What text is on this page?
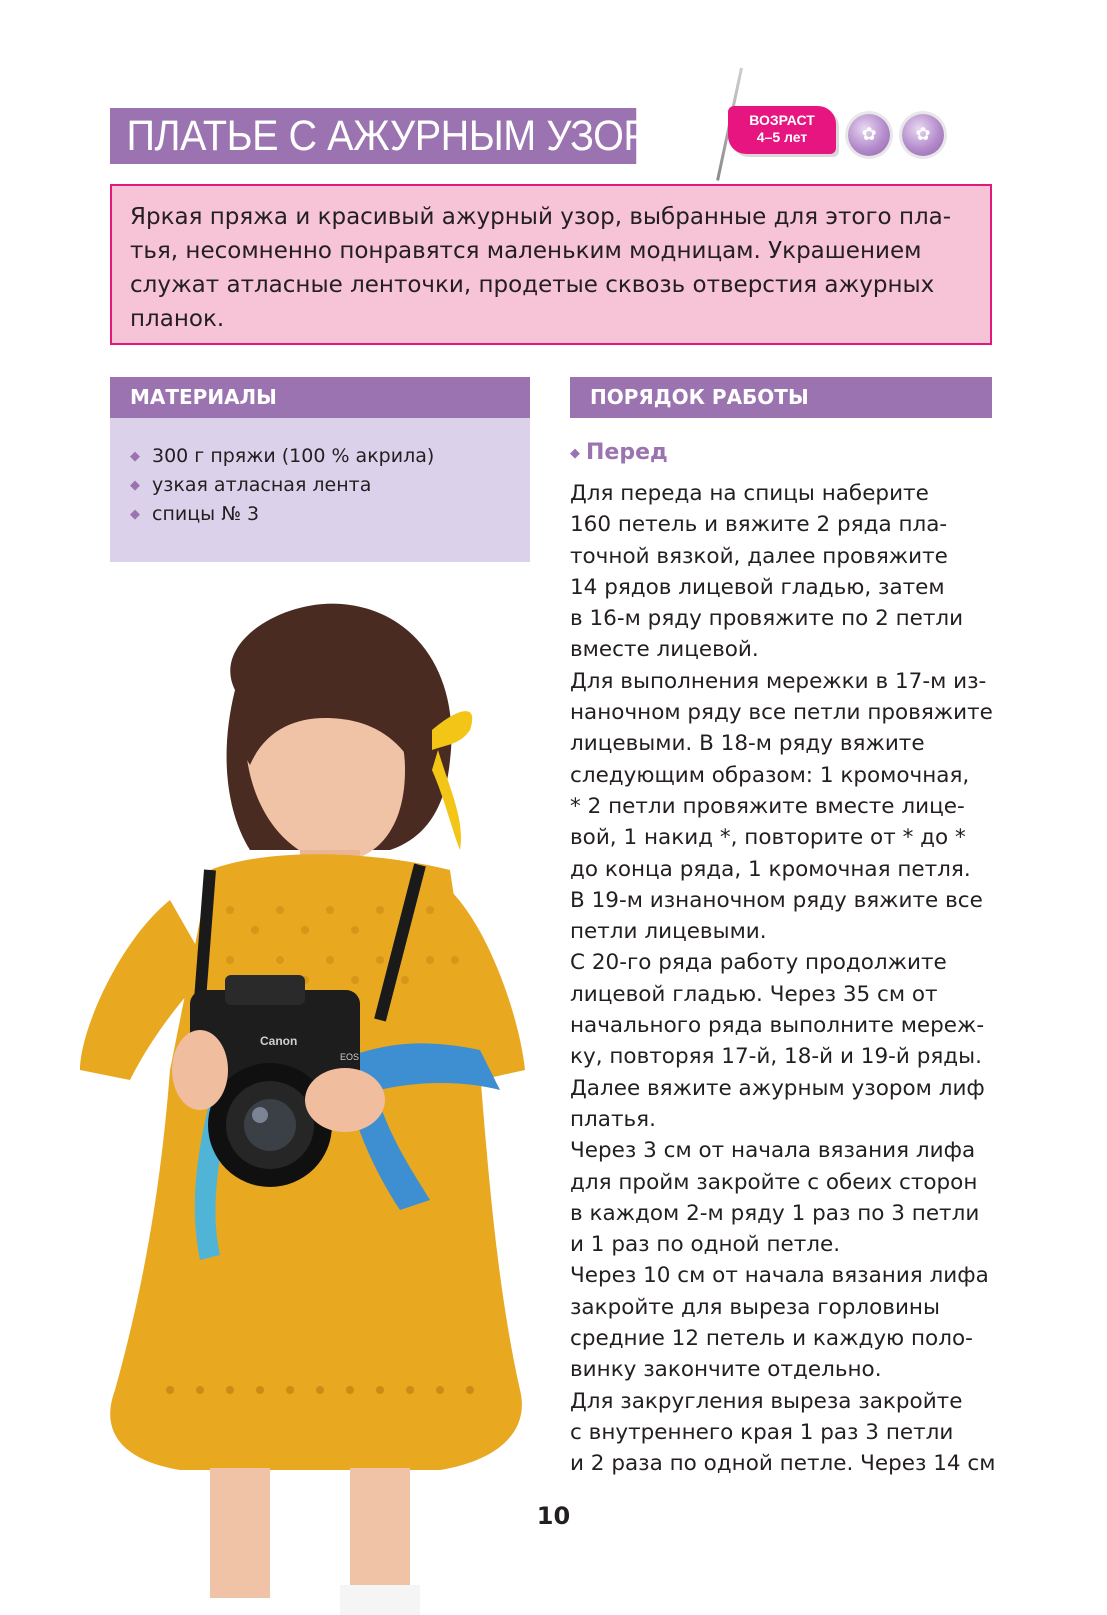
ПЛАТЬЕ С АЖУРНЫМ УЗОРОМ	ВОЗРАСТ
4–5 лет	✿ ✿
Яркая пряжа и красивый ажурный узор, выбранные для этого пла-
тья, несомненно понравятся маленьким модницам. Украшением
служат атласные ленточки, продетые сквозь отверстия ажурных
планок.
МАТЕРИАЛЫ
◆ 300 г пряжи (100 % акрила)
◆ узкая атласная лента
◆ спицы № 3
ПОРЯДОК РАБОТЫ
◆ Перед
Для переда на спицы наберите
160 петель и вяжите 2 ряда пла-
точной вязкой, далее провяжите
14 рядов лицевой гладью, затем
в 16-м ряду провяжите по 2 петли
вместе лицевой.
Для выполнения мережки в 17-м из-
наночном ряду все петли провяжите
лицевыми. В 18-м ряду вяжите
следующим образом: 1 кромочная,
* 2 петли провяжите вместе лице-
вой, 1 накид *, повторите от * до *
до конца ряда, 1 кромочная петля.
В 19-м изнаночном ряду вяжите все
петли лицевыми.
С 20-го ряда работу продолжите
лицевой гладью. Через 35 см от
начального ряда выполните мереж-
ку, повторяя 17-й, 18-й и 19-й ряды.
Далее вяжите ажурным узором лиф
платья.
Через 3 см от начала вязания лифа
для пройм закройте с обеих сторон
в каждом 2-м ряду 1 раз по 3 петли
и 1 раз по одной петле.
Через 10 см от начала вязания лифа
закройте для выреза горловины
средние 12 петель и каждую поло-
винку закончите отдельно.
Для закругления выреза закройте
с внутреннего края 1 раз 3 петли
и 2 раза по одной петле. Через 14 см
Canon
EOS
10
